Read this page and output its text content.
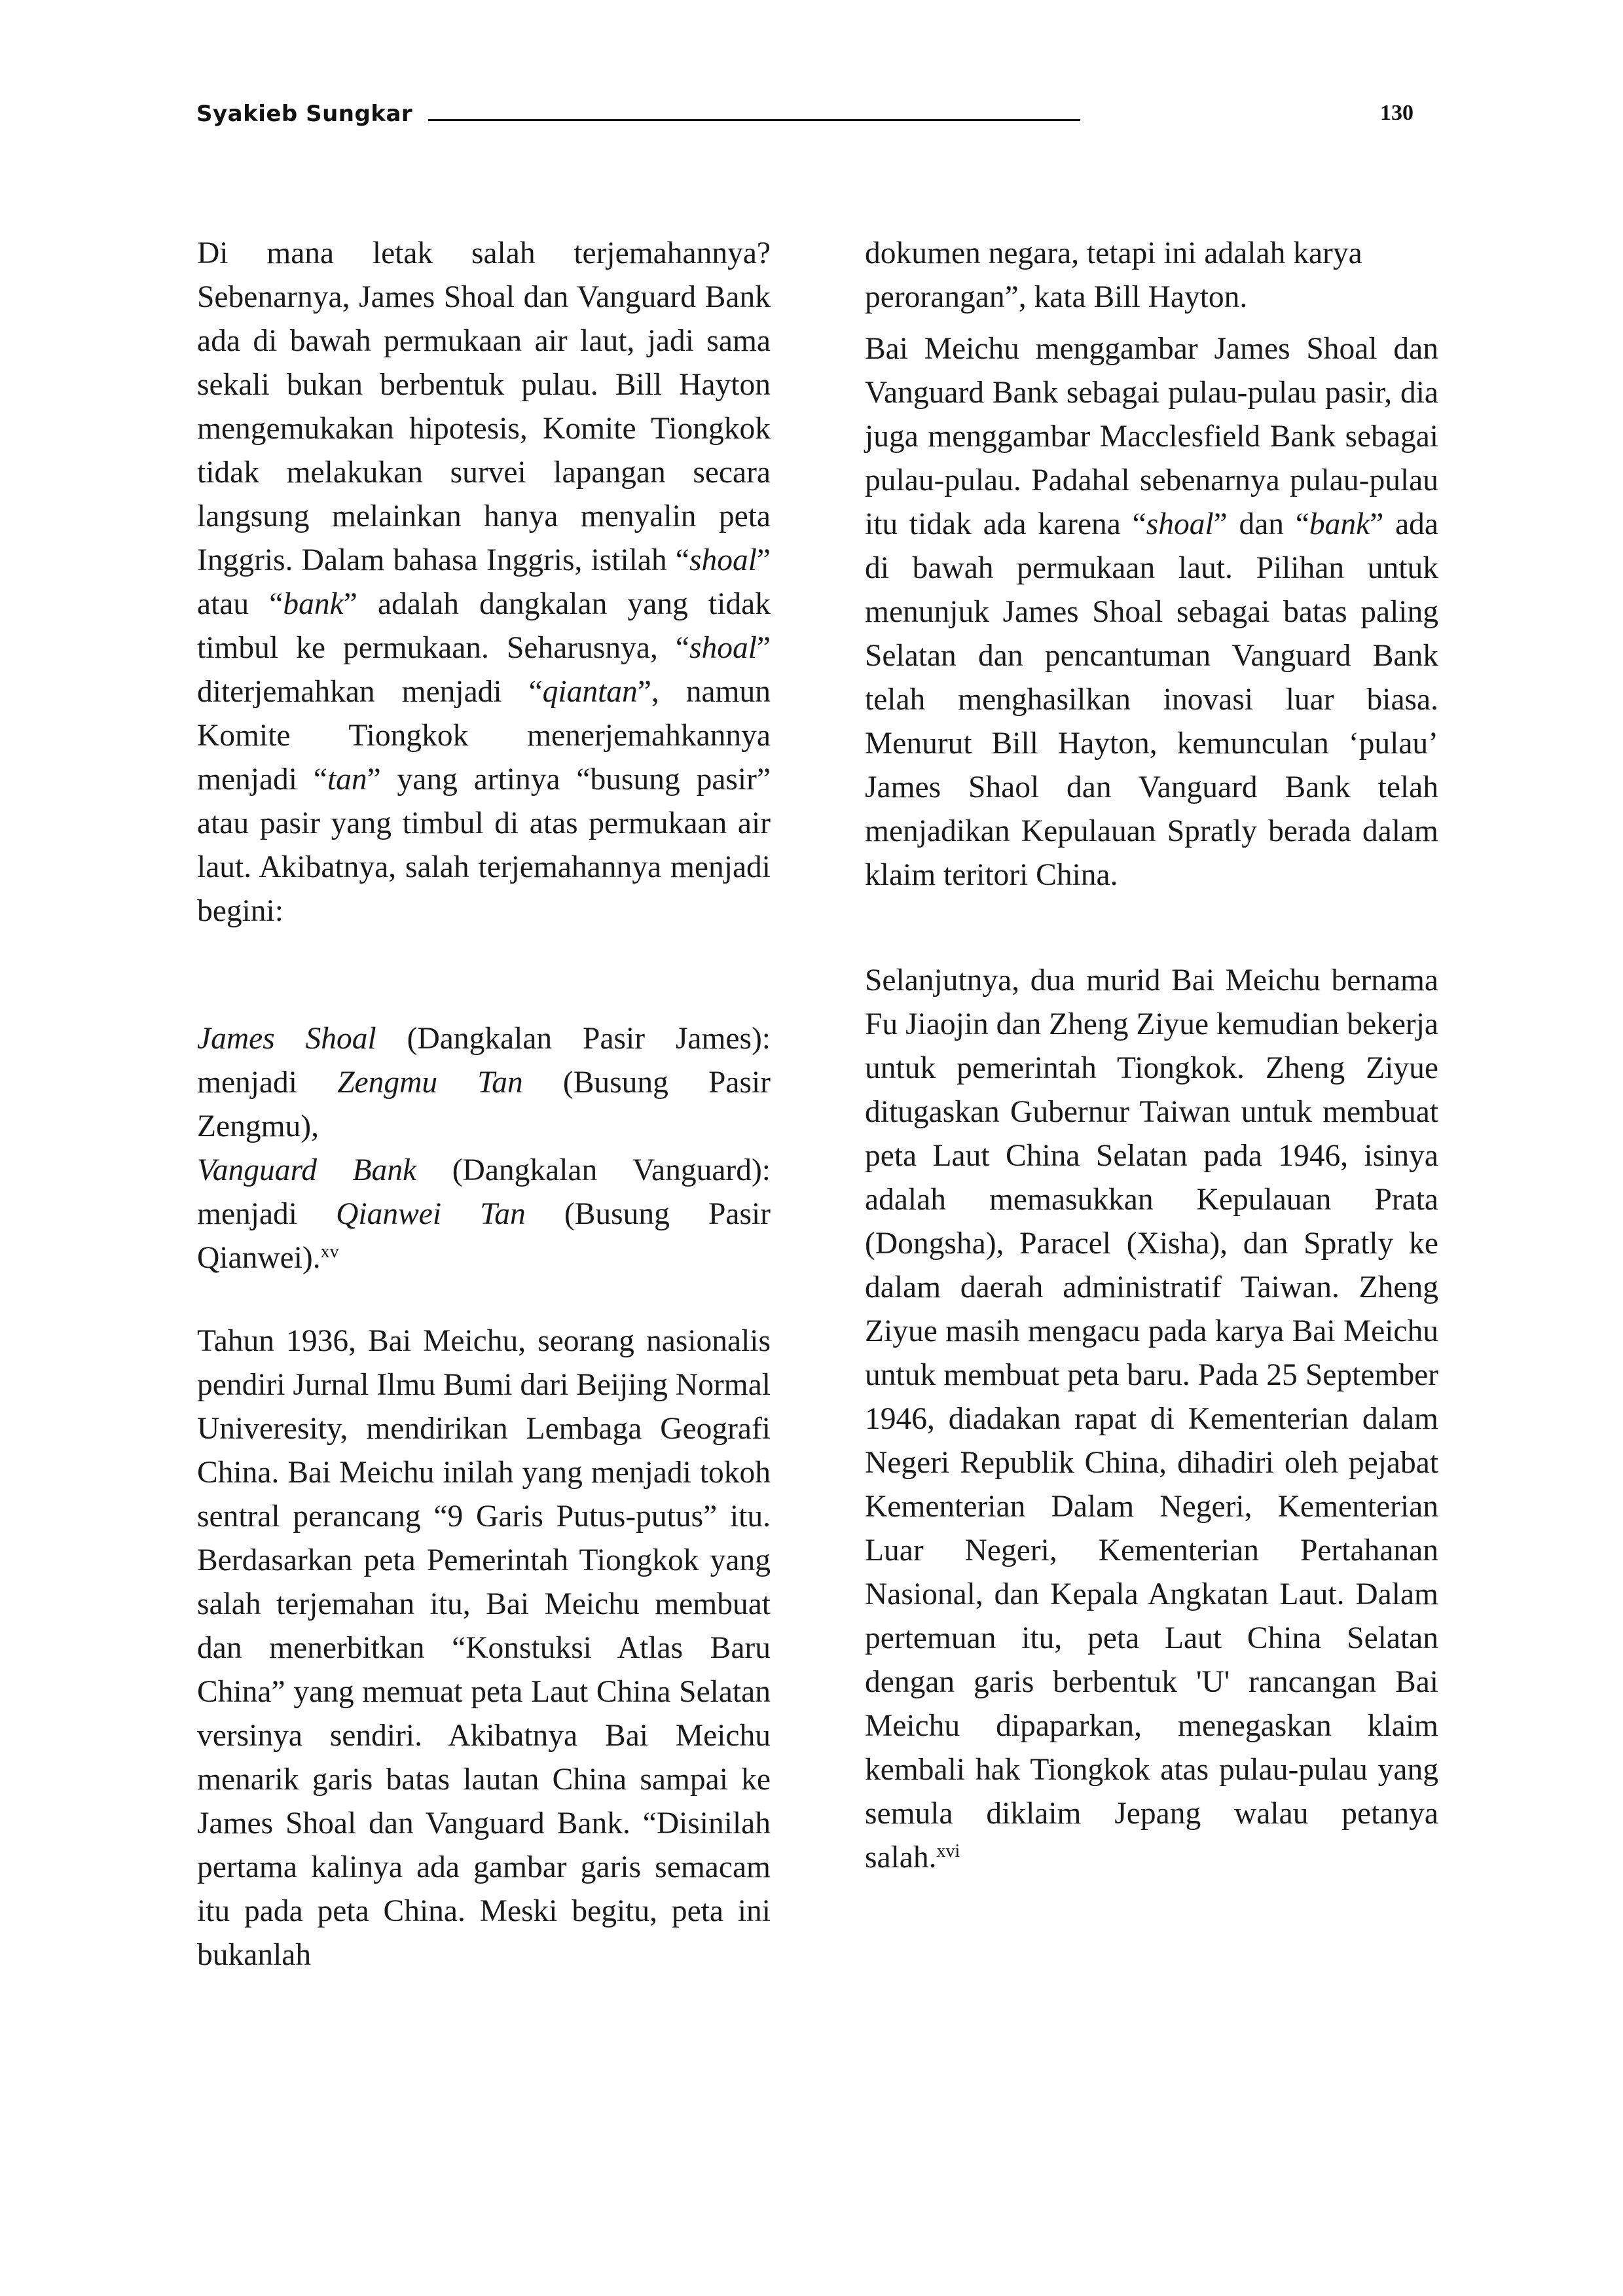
Syakieb Sungkar	130

Di mana letak salah terjemahannya? Sebenarnya, James Shoal dan Vanguard Bank ada di bawah permukaan air laut, jadi sama sekali bukan berbentuk pulau. Bill Hayton mengemukakan hipotesis, Komite Tiongkok tidak melakukan survei lapangan secara langsung melainkan hanya menyalin peta Inggris. Dalam bahasa Inggris, istilah “shoal” atau “bank” adalah dangkalan yang tidak timbul ke permukaan. Seharusnya, “shoal” diterjemahkan menjadi “qiantan”, namun Komite Tiongkok menerjemahkannya menjadi “tan” yang artinya “busung pasir” atau pasir yang timbul di atas permukaan air laut. Akibatnya, salah terjemahannya menjadi begini:

James Shoal (Dangkalan Pasir James): menjadi Zengmu Tan (Busung Pasir Zengmu),
Vanguard Bank (Dangkalan Vanguard): menjadi Qianwei Tan (Busung Pasir Qianwei).$^{xv}$

Tahun 1936, Bai Meichu, seorang nasionalis pendiri Jurnal Ilmu Bumi dari Beijing Normal Univeresity, mendirikan Lembaga Geografi China. Bai Meichu inilah yang menjadi tokoh sentral perancang “9 Garis Putus-putus” itu. Berdasarkan peta Pemerintah Tiongkok yang salah terjemahan itu, Bai Meichu membuat dan menerbitkan “Konstuksi Atlas Baru China” yang memuat peta Laut China Selatan versinya sendiri. Akibatnya Bai Meichu menarik garis batas lautan China sampai ke James Shoal dan Vanguard Bank. “Disinilah pertama kalinya ada gambar garis semacam itu pada peta China. Meski begitu, peta ini bukanlah

dokumen negara, tetapi ini adalah karya perorangan”, kata Bill Hayton.

Bai Meichu menggambar James Shoal dan Vanguard Bank sebagai pulau-pulau pasir, dia juga menggambar Macclesfield Bank sebagai pulau-pulau. Padahal sebenarnya pulau-pulau itu tidak ada karena “shoal” dan “bank” ada di bawah permukaan laut. Pilihan untuk menunjuk James Shoal sebagai batas paling Selatan dan pencantuman Vanguard Bank telah menghasilkan inovasi luar biasa. Menurut Bill Hayton, kemunculan ‘pulau’ James Shaol dan Vanguard Bank telah menjadikan Kepulauan Spratly berada dalam klaim teritori China.

Selanjutnya, dua murid Bai Meichu bernama Fu Jiaojin dan Zheng Ziyue kemudian bekerja untuk pemerintah Tiongkok. Zheng Ziyue ditugaskan Gubernur Taiwan untuk membuat peta Laut China Selatan pada 1946, isinya adalah memasukkan Kepulauan Prata (Dongsha), Paracel (Xisha), dan Spratly ke dalam daerah administratif Taiwan. Zheng Ziyue masih mengacu pada karya Bai Meichu untuk membuat peta baru. Pada 25 September 1946, diadakan rapat di Kementerian dalam Negeri Republik China, dihadiri oleh pejabat Kementerian Dalam Negeri, Kementerian Luar Negeri, Kementerian Pertahanan Nasional, dan Kepala Angkatan Laut. Dalam pertemuan itu, peta Laut China Selatan dengan garis berbentuk 'U' rancangan Bai Meichu dipaparkan, menegaskan klaim kembali hak Tiongkok atas pulau-pulau yang semula diklaim Jepang walau petanya salah.$^{xvi}$
